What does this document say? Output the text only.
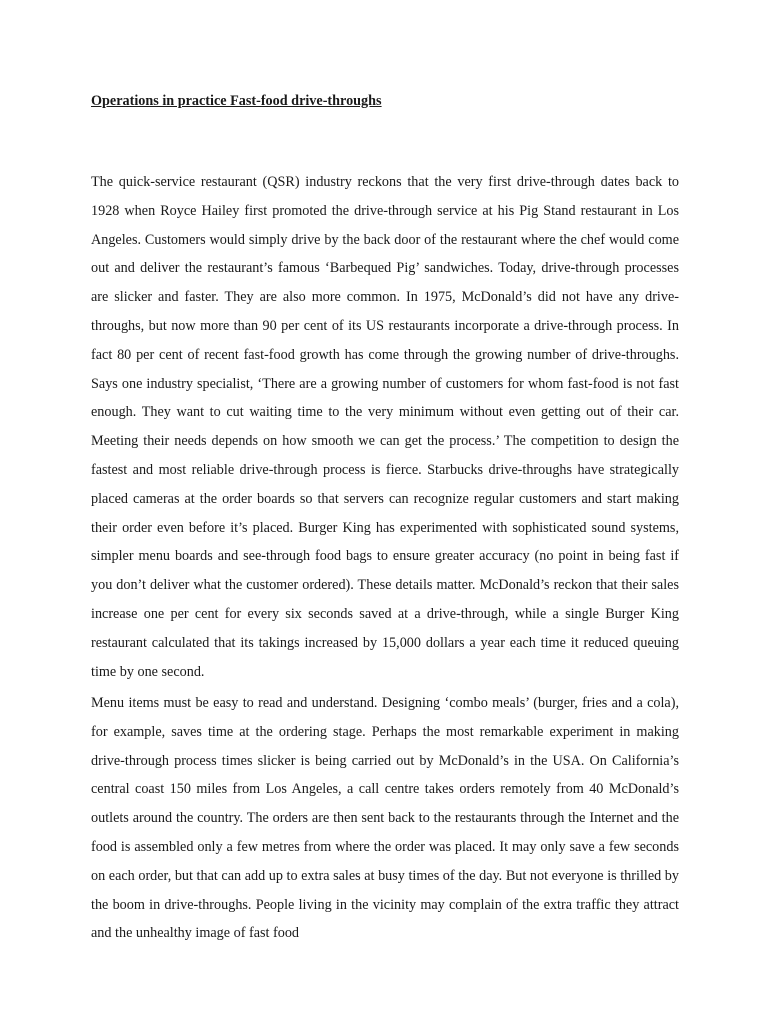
Operations in practice Fast-food drive-throughs

The quick-service restaurant (QSR) industry reckons that the very first drive-through dates back to 1928 when Royce Hailey first promoted the drive-through service at his Pig Stand restaurant in Los Angeles. Customers would simply drive by the back door of the restaurant where the chef would come out and deliver the restaurant’s famous ‘Barbequed Pig’ sandwiches. Today, drive-through processes are slicker and faster. They are also more common. In 1975, McDonald’s did not have any drive-throughs, but now more than 90 per cent of its US restaurants incorporate a drive-through process. In fact 80 per cent of recent fast-food growth has come through the growing number of drive-throughs. Says one industry specialist, ‘There are a growing number of customers for whom fast-food is not fast enough. They want to cut waiting time to the very minimum without even getting out of their car. Meeting their needs depends on how smooth we can get the process.’ The competition to design the fastest and most reliable drive-through process is fierce. Starbucks drive-throughs have strategically placed cameras at the order boards so that servers can recognize regular customers and start making their order even before it’s placed. Burger King has experimented with sophisticated sound systems, simpler menu boards and see-through food bags to ensure greater accuracy (no point in being fast if you don’t deliver what the customer ordered). These details matter. McDonald’s reckon that their sales increase one per cent for every six seconds saved at a drive-through, while a single Burger King restaurant calculated that its takings increased by 15,000 dollars a year each time it reduced queuing time by one second.

Menu items must be easy to read and understand. Designing ‘combo meals’ (burger, fries and a cola), for example, saves time at the ordering stage. Perhaps the most remarkable experiment in making drive-through process times slicker is being carried out by McDonald’s in the USA. On California’s central coast 150 miles from Los Angeles, a call centre takes orders remotely from 40 McDonald’s outlets around the country. The orders are then sent back to the restaurants through the Internet and the food is assembled only a few metres from where the order was placed. It may only save a few seconds on each order, but that can add up to extra sales at busy times of the day. But not everyone is thrilled by the boom in drive-throughs. People living in the vicinity may complain of the extra traffic they attract and the unhealthy image of fast food
